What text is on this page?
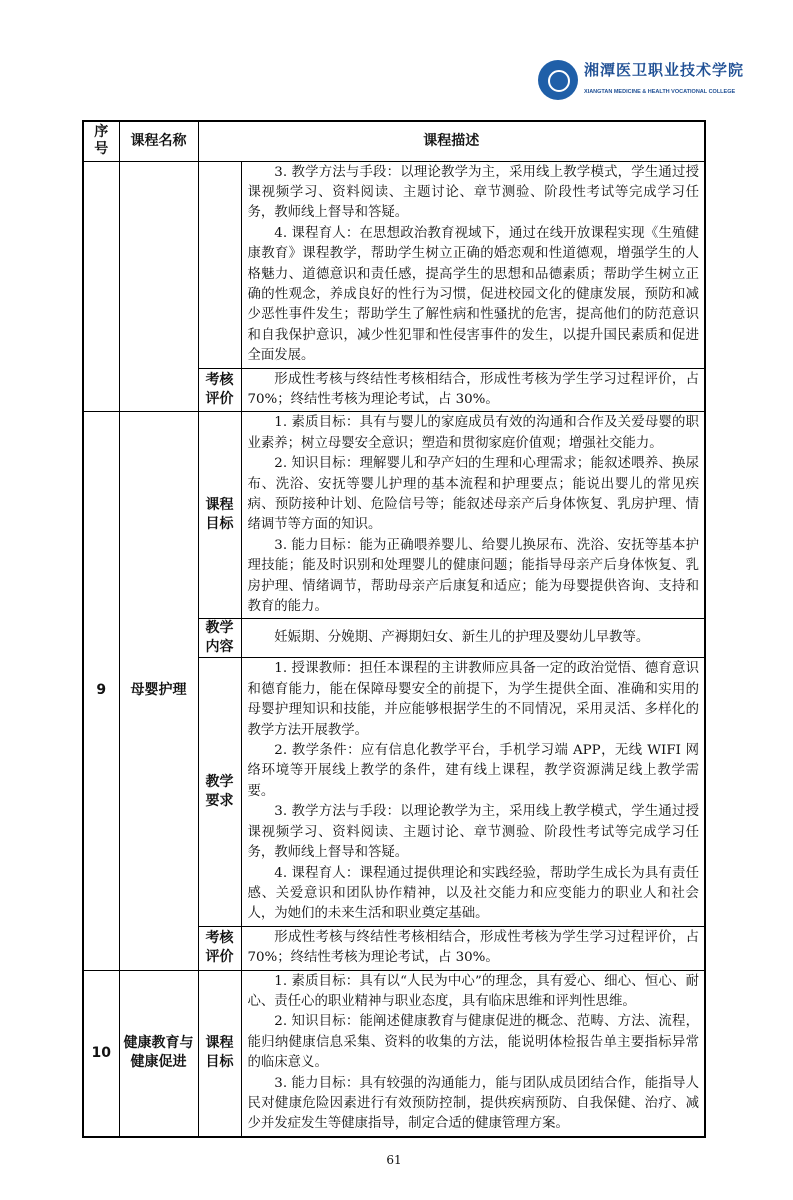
湘潭医卫职业技术学院
XIANGTAN MEDICINE & HEALTH VOCATIONAL COLLEGE
序号	课程名称	课程描述	

			3. 教学方法与手段：以理论教学为主，采用线上教学模式，学生通过授课视频学习、资料阅读、主题讨论、章节测验、阶段性考试等完成学习任务，教师线上督导和答疑。

4. 课程育人：在思想政治教育视域下，通过在线开放课程实现《生殖健康教育》课程教学，帮助学生树立正确的婚恋观和性道德观，增强学生的人格魅力、道德意识和责任感，提高学生的思想和品德素质；帮助学生树立正确的性观念，养成良好的性行为习惯，促进校园文化的健康发展，预防和减少恶性事件发生；帮助学生了解性病和性骚扰的危害，提高他们的防范意识和自我保护意识，减少性犯罪和性侵害事件的发生，以提升国民素质和促进全面发展。

		考核评价	形成性考核与终结性考核相结合，形成性考核为学生学习过程评价，占 70%；终结性考核为理论考试，占 30%。

9	母婴护理	课程目标	1. 素质目标：具有与婴儿的家庭成员有效的沟通和合作及关爱母婴的职业素养；树立母婴安全意识；塑造和贯彻家庭价值观；增强社交能力。

2. 知识目标：理解婴儿和孕产妇的生理和心理需求；能叙述喂养、换尿布、洗浴、安抚等婴儿护理的基本流程和护理要点；能说出婴儿的常见疾病、预防接种计划、危险信号等；能叙述母亲产后身体恢复、乳房护理、情绪调节等方面的知识。

3. 能力目标：能为正确喂养婴儿、给婴儿换尿布、洗浴、安抚等基本护理技能；能及时识别和处理婴儿的健康问题；能指导母亲产后身体恢复、乳房护理、情绪调节，帮助母亲产后康复和适应；能为母婴提供咨询、支持和教育的能力。

		教学内容	妊娠期、分娩期、产褥期妇女、新生儿的护理及婴幼儿早教等。

		教学要求	1. 授课教师：担任本课程的主讲教师应具备一定的政治觉悟、德育意识和德育能力，能在保障母婴安全的前提下，为学生提供全面、准确和实用的母婴护理知识和技能，并应能够根据学生的不同情况，采用灵活、多样化的教学方法开展教学。

2. 教学条件：应有信息化教学平台，手机学习端 APP，无线 WIFI 网络环境等开展线上教学的条件，建有线上课程，教学资源满足线上教学需要。

3. 教学方法与手段：以理论教学为主，采用线上教学模式，学生通过授课视频学习、资料阅读、主题讨论、章节测验、阶段性考试等完成学习任务，教师线上督导和答疑。

4. 课程育人：课程通过提供理论和实践经验，帮助学生成长为具有责任感、关爱意识和团队协作精神，以及社交能力和应变能力的职业人和社会人，为她们的未来生活和职业奠定基础。

		考核评价	形成性考核与终结性考核相结合，形成性考核为学生学习过程评价，占 70%；终结性考核为理论考试，占 30%。

10	健康教育与健康促进	课程目标	1. 素质目标：具有以“人民为中心”的理念，具有爱心、细心、恒心、耐心、责任心的职业精神与职业态度，具有临床思维和评判性思维。

2. 知识目标：能阐述健康教育与健康促进的概念、范畴、方法、流程，能归纳健康信息采集、资料的收集的方法，能说明体检报告单主要指标异常的临床意义。

3. 能力目标：具有较强的沟通能力，能与团队成员团结合作，能指导人民对健康危险因素进行有效预防控制，提供疾病预防、自我保健、治疗、减少并发症发生等健康指导，制定合适的健康管理方案。

61
